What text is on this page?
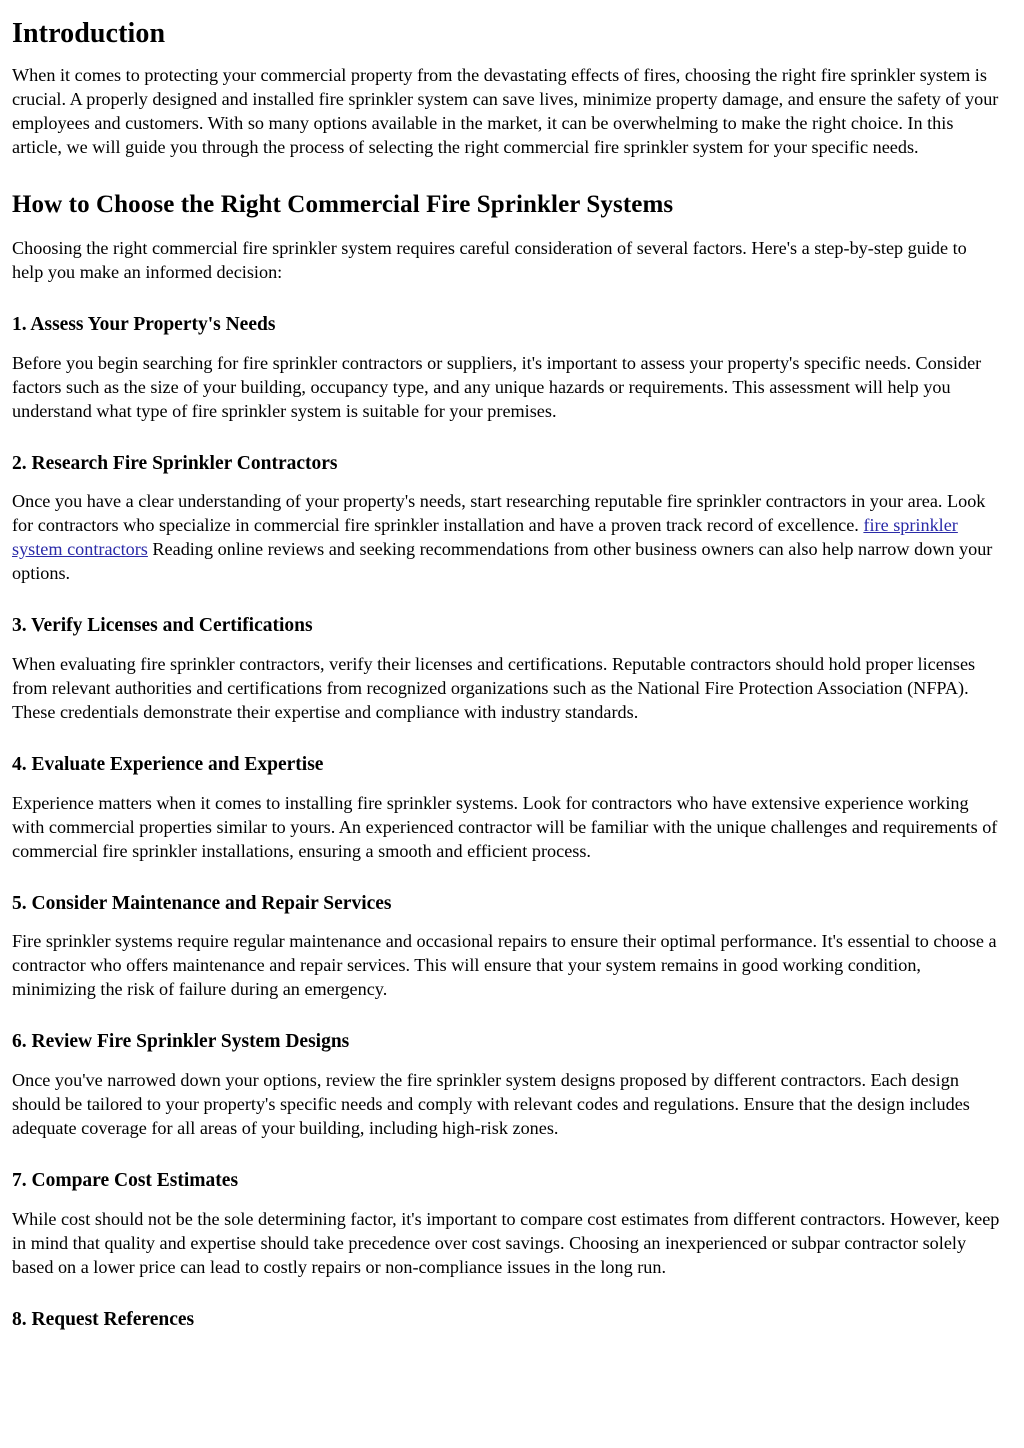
Introduction

When it comes to protecting your commercial property from the devastating effects of fires, choosing the right fire sprinkler system is crucial. A properly designed and installed fire sprinkler system can save lives, minimize property damage, and ensure the safety of your employees and customers. With so many options available in the market, it can be overwhelming to make the right choice. In this article, we will guide you through the process of selecting the right commercial fire sprinkler system for your specific needs.

How to Choose the Right Commercial Fire Sprinkler Systems

Choosing the right commercial fire sprinkler system requires careful consideration of several factors. Here's a step-by-step guide to help you make an informed decision:

1. Assess Your Property's Needs

Before you begin searching for fire sprinkler contractors or suppliers, it's important to assess your property's specific needs. Consider factors such as the size of your building, occupancy type, and any unique hazards or requirements. This assessment will help you understand what type of fire sprinkler system is suitable for your premises.

2. Research Fire Sprinkler Contractors

Once you have a clear understanding of your property's needs, start researching reputable fire sprinkler contractors in your area. Look for contractors who specialize in commercial fire sprinkler installation and have a proven track record of excellence. fire sprinkler system contractors Reading online reviews and seeking recommendations from other business owners can also help narrow down your options.

3. Verify Licenses and Certifications

When evaluating fire sprinkler contractors, verify their licenses and certifications. Reputable contractors should hold proper licenses from relevant authorities and certifications from recognized organizations such as the National Fire Protection Association (NFPA). These credentials demonstrate their expertise and compliance with industry standards.

4. Evaluate Experience and Expertise

Experience matters when it comes to installing fire sprinkler systems. Look for contractors who have extensive experience working with commercial properties similar to yours. An experienced contractor will be familiar with the unique challenges and requirements of commercial fire sprinkler installations, ensuring a smooth and efficient process.

5. Consider Maintenance and Repair Services

Fire sprinkler systems require regular maintenance and occasional repairs to ensure their optimal performance. It's essential to choose a contractor who offers maintenance and repair services. This will ensure that your system remains in good working condition, minimizing the risk of failure during an emergency.

6. Review Fire Sprinkler System Designs

Once you've narrowed down your options, review the fire sprinkler system designs proposed by different contractors. Each design should be tailored to your property's specific needs and comply with relevant codes and regulations. Ensure that the design includes adequate coverage for all areas of your building, including high-risk zones.

7. Compare Cost Estimates

While cost should not be the sole determining factor, it's important to compare cost estimates from different contractors. However, keep in mind that quality and expertise should take precedence over cost savings. Choosing an inexperienced or subpar contractor solely based on a lower price can lead to costly repairs or non-compliance issues in the long run.

8. Request References
